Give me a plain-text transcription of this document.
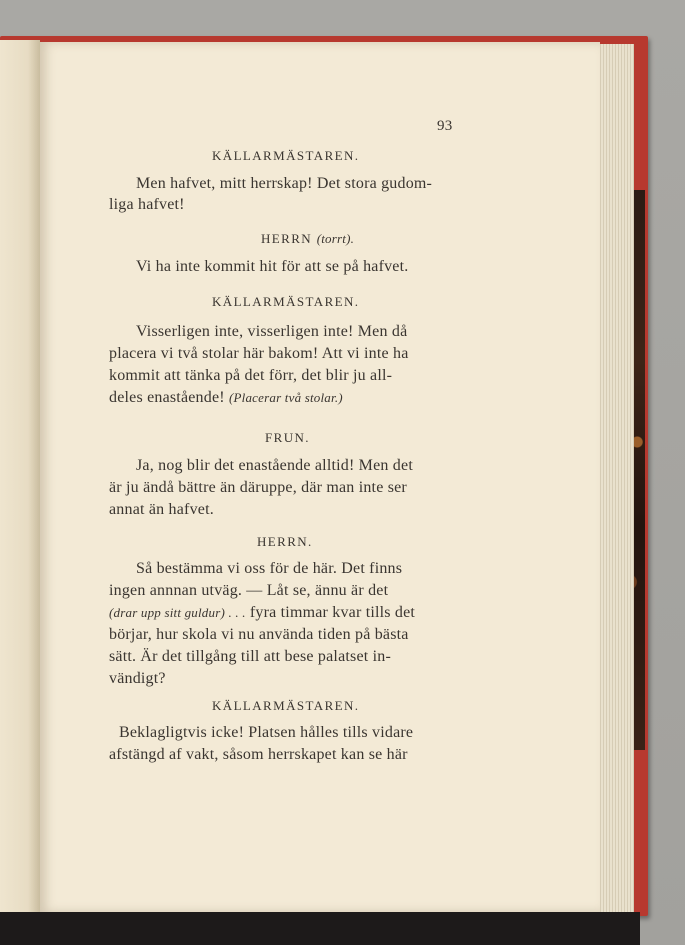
93
KÄLLARMÄSTAREN.
Men hafvet, mitt herrskap! Det stora gudom-
liga hafvet!
HERRN (torrt).
Vi ha inte kommit hit för att se på hafvet.
KÄLLARMÄSTAREN.
Visserligen inte, visserligen inte! Men då
placera vi två stolar här bakom! Att vi inte ha
kommit att tänka på det förr, det blir ju all-
deles enastående! (Placerar två stolar.)
FRUN.
Ja, nog blir det enastående alltid! Men det
är ju ändå bättre än däruppe, där man inte ser
annat än hafvet.
HERRN.
Så bestämma vi oss för de här. Det finns
ingen annnan utväg. — Låt se, ännu är det
(drar upp sitt guldur) . . . fyra timmar kvar tills det
börjar, hur skola vi nu använda tiden på bästa
sätt. Är det tillgång till att bese palatset in-
vändigt?
KÄLLARMÄSTAREN.
Beklagligtvis icke! Platsen hålles tills vidare
afstängd af vakt, såsom herrskapet kan se här
